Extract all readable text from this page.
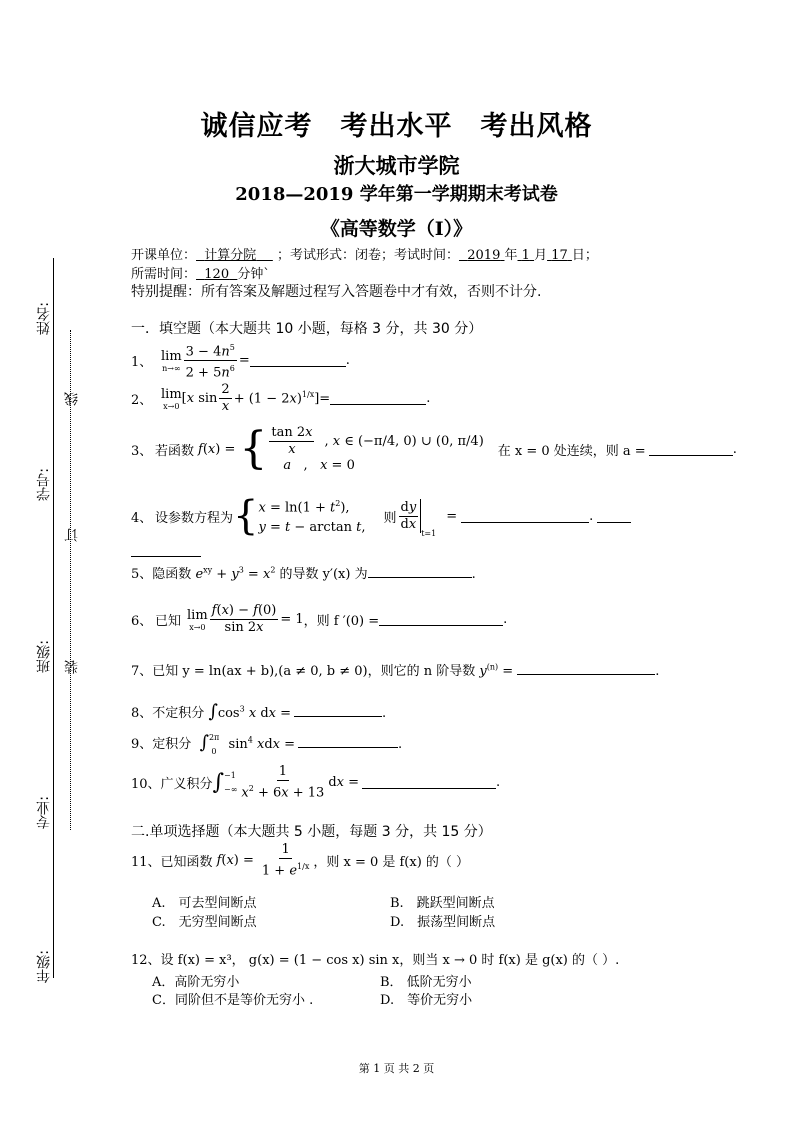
姓名:
线
学号:
订
班级: 装
专业:
年级:
诚信应考 考出水平 考出风格
浙大城市学院
2018—2019 学年第一学期期末考试卷
《高等数学（Ⅰ）》
开课单位： 计算分院 ；考试形式：闭卷；考试时间： 2019 年 1 月 17 日；
所需时间： 120 分钟`
特别提醒：所有答案及解题过程写入答题卷中才有效，否则不计分.
一．填空题（本大题共 10 小题，每格 3 分，共 30 分）
1、 lim
$n\to\infty \frac{3 - 4n^5}{2 + 5n^6}$ =	.
2、 lim
x→0 [x $\sin \frac{2}{x} + (1 - 2x)^{1/x}]=$	.
3、 若函数 f(x) = { $\frac{\tan 2x}{x}$ , x ∈ (−π/4, 0) ∪ (0, π/4)
a   ,   x = 0
在 x = 0 处连续，则 a =	.
4、 设参数方程为 { $x = \ln(1 + t^2)$,
y = t − arctan t,
则 $\frac{dy}{dx}$
t=1
=	.
5、隐函数 $e^{xy} + y^3 = x^2$ 的导数 y′(x) 为	.
6、 已知 lim
$x\to 0 \frac{f(x) - f(0)}{\sin 2x} = 1$ ，则 f ′(0) =	.
7、已知 y = ln(ax + b),(a ≠ 0, b ≠ 0)，则它的 n 阶导数 $y^{(n)}$ =	.
8、不定积分 $\int\cos^3$ x dx =	.
9、定积分 ∫$^{2\pi}_0$ $\sin^4$ xdx =	.
10、 广义积分 ∫ −1
−∞ $\frac{1}{x^2 + 6x + 13}$ dx =	.
二.单项选择题（本大题共 5 小题，每题 3 分，共 15 分）
11、 已知函数 $f(x) = \frac{1}{1 + e^{1/x}}$ ，则 x = 0 是 f(x) 的（ ）
A.　可去型间断点	B.　跳跃型间断点
C.　无穷型间断点	D.　振荡型间断点
12、设 f(x) = x³， g(x) = (1 − cos x) sin x，则当 x → 0 时 f(x) 是 g(x) 的（ ）.
A．高阶无穷小	B． 低阶无穷小
C．同阶但不是等价无穷小 .	D.　等价无穷小
第 1 页 共 2 页
